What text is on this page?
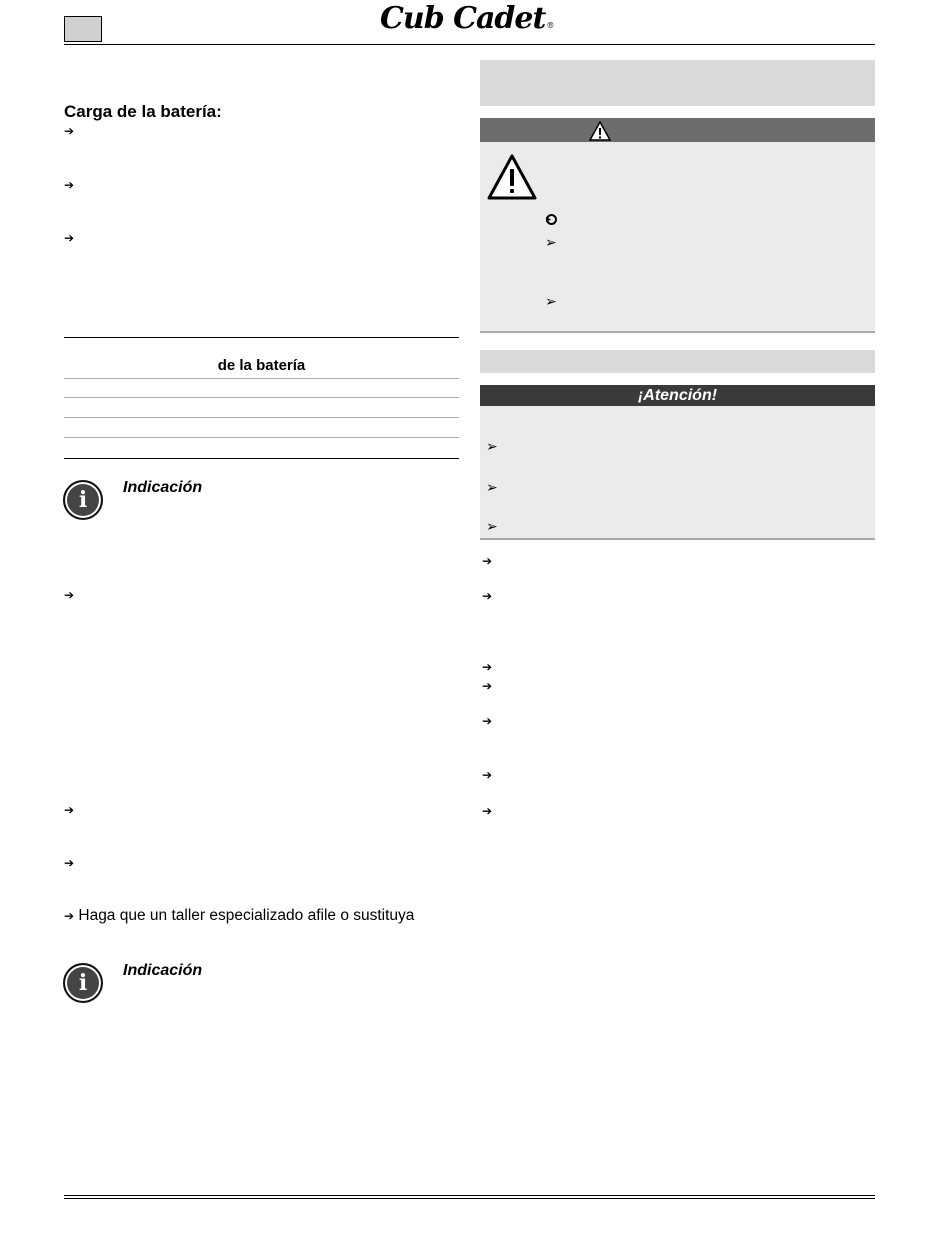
Cub Cadet®
Carga de la batería:
➔
➔
➔
de la batería
i	Indicación
➔
➔
➔
➔ Haga que un taller especializado afile o sustituya
i	Indicación
➢
➢
¡Atención!
➢
➢
➢
➔
➔
➔
➔
➔
➔
➔
